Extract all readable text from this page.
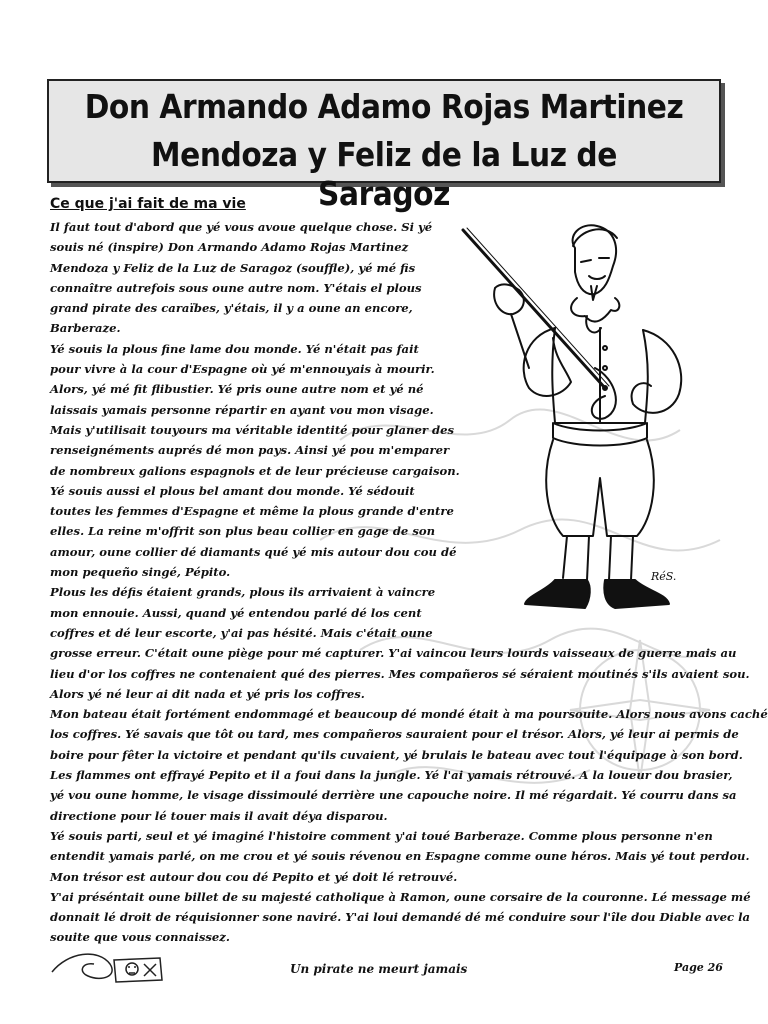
Don Armando Adamo Rojas Martinez
Mendoza y Feliz de la Luz de Saragoz
Ce que j'ai fait de ma vie
Il faut tout d'abord que yé vous avoue quelque chose. Si yé
souis né (inspire) Don Armando Adamo Rojas Martinez
Mendoza y Feliz de la Luz de Saragoz (souffle), yé mé fis
connaître autrefois sous oune autre nom. Y'étais el plous
grand pirate des caraïbes, y'étais, il y a oune an encore,
Barberaze.
Yé souis la plous fine lame dou monde. Yé n'était pas fait
pour vivre à la cour d'Espagne où yé m'ennouyais à mourir.
Alors, yé mé fit flibustier. Yé pris oune autre nom et yé né
laissais yamais personne répartir en ayant vou mon visage.
Mais y'utilisait touyours ma véritable identité pour glaner des
renseignéments auprés dé mon pays. Ainsi yé pou m'emparer
de nombreux galions espagnols et de leur précieuse cargaison.
Yé souis aussi el plous bel amant dou monde. Yé sédouit
toutes les femmes d'Espagne et même la plous grande d'entre
elles. La reine m'offrit son plus beau collier en gage de son
amour, oune collier dé diamants qué yé mis autour dou cou dé
mon pequeño singé, Pépito.
Plous les défis étaient grands, plous ils arrivaient à vaincre
mon ennouie. Aussi, quand yé entendou parlé dé los cent
coffres et dé leur escorte, y'ai pas hésité. Mais c'était oune
grosse erreur. C'était oune piège pour mé capturer. Y'ai vaincou leurs lourds vaisseaux de guerre mais au
lieu d'or los coffres ne contenaient qué des pierres. Mes compañeros sé séraient moutinés s'ils avaient sou.
Alors yé né leur ai dit nada et yé pris los coffres.
Mon bateau était fortément endommagé et beaucoup dé mondé était à ma poursouite. Alors nous avons caché
los coffres. Yé savais que tôt ou tard, mes compañeros sauraient pour el trésor. Alors, yé leur ai permis de
boire pour fêter la victoire et pendant qu'ils cuvaient, yé brulais le bateau avec tout l'équipage à son bord.
Les flammes ont effrayé Pepito et il a foui dans la jungle. Yé l'ai yamais rétrouvé. A la loueur dou brasier,
yé vou oune homme, le visage dissimoulé derrière une capouche noire. Il mé régardait. Yé courru dans sa
directione pour lé touer mais il avait déya disparou.
Yé souis parti, seul et yé imaginé l'histoire comment y'ai toué Barberaze. Comme plous personne n'en
entendit yamais parlé, on me crou et yé souis révenou en Espagne comme oune héros. Mais yé tout perdou.
Mon trésor est autour dou cou dé Pepito et yé doit lé retrouvé.
Y'ai préséntait oune billet de su majesté catholique à Ramon, oune corsaire de la couronne. Lé message mé
donnait lé droit de réquisionner sone naviré. Y'ai loui demandé dé mé conduire sour l'île dou Diable avec la
souite que vous connaissez.
RéS.
Un pirate ne meurt jamais	Page 26
